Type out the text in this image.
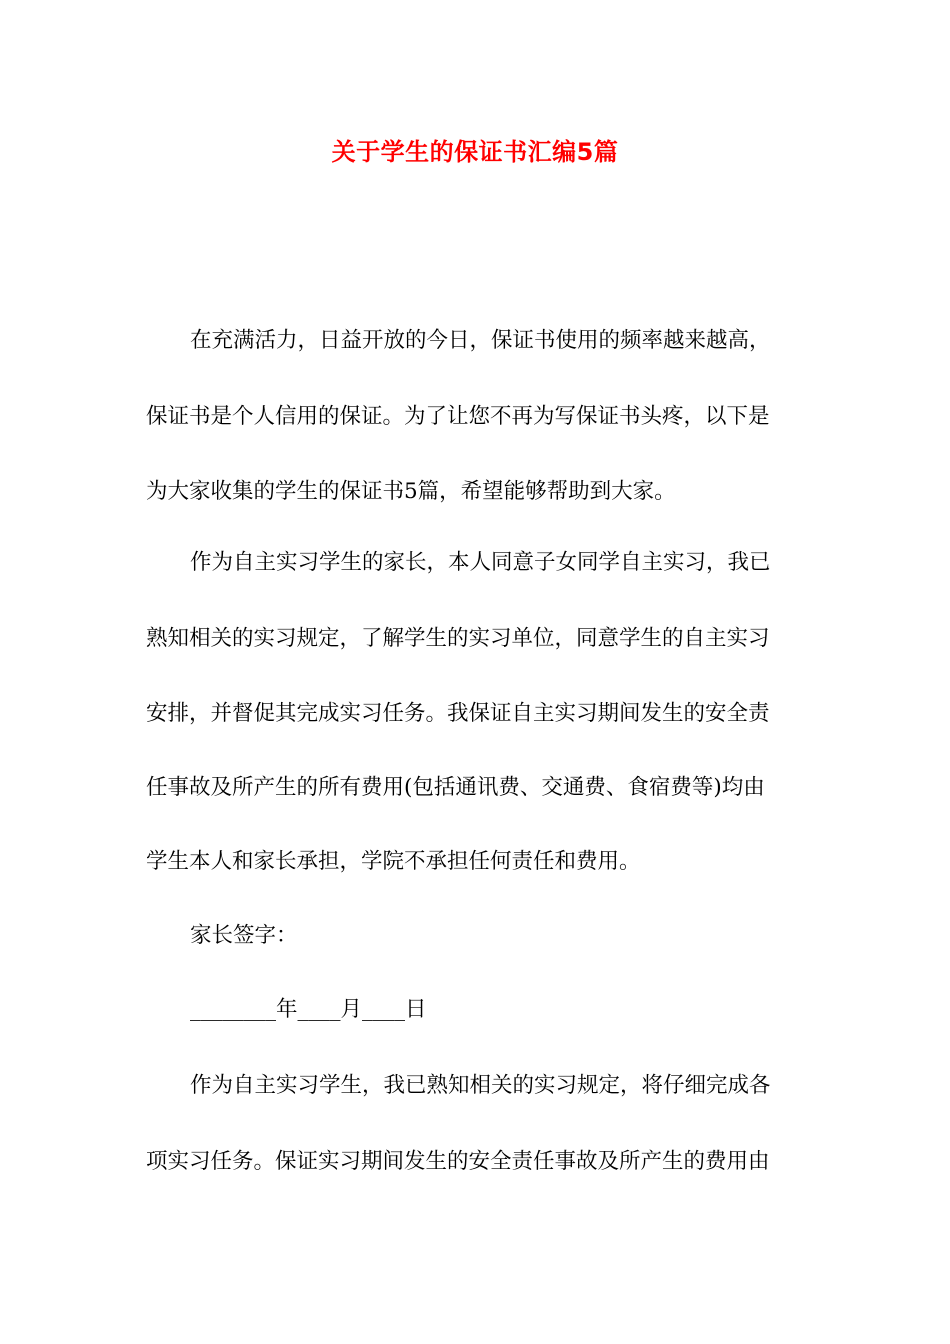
关于学生的保证书汇编5篇
在充满活力，日益开放的今日，保证书使用的频率越来越高，
保证书是个人信用的保证。为了让您不再为写保证书头疼，以下是
为大家收集的学生的保证书5篇，希望能够帮助到大家。
作为自主实习学生的家长，本人同意子女同学自主实习，我已
熟知相关的实习规定，了解学生的实习单位，同意学生的自主实习
安排，并督促其完成实习任务。我保证自主实习期间发生的安全责
任事故及所产生的所有费用(包括通讯费、交通费、食宿费等)均由
学生本人和家长承担，学院不承担任何责任和费用。
家长签字：
________年____月____日
作为自主实习学生，我已熟知相关的实习规定，将仔细完成各
项实习任务。保证实习期间发生的安全责任事故及所产生的费用由
